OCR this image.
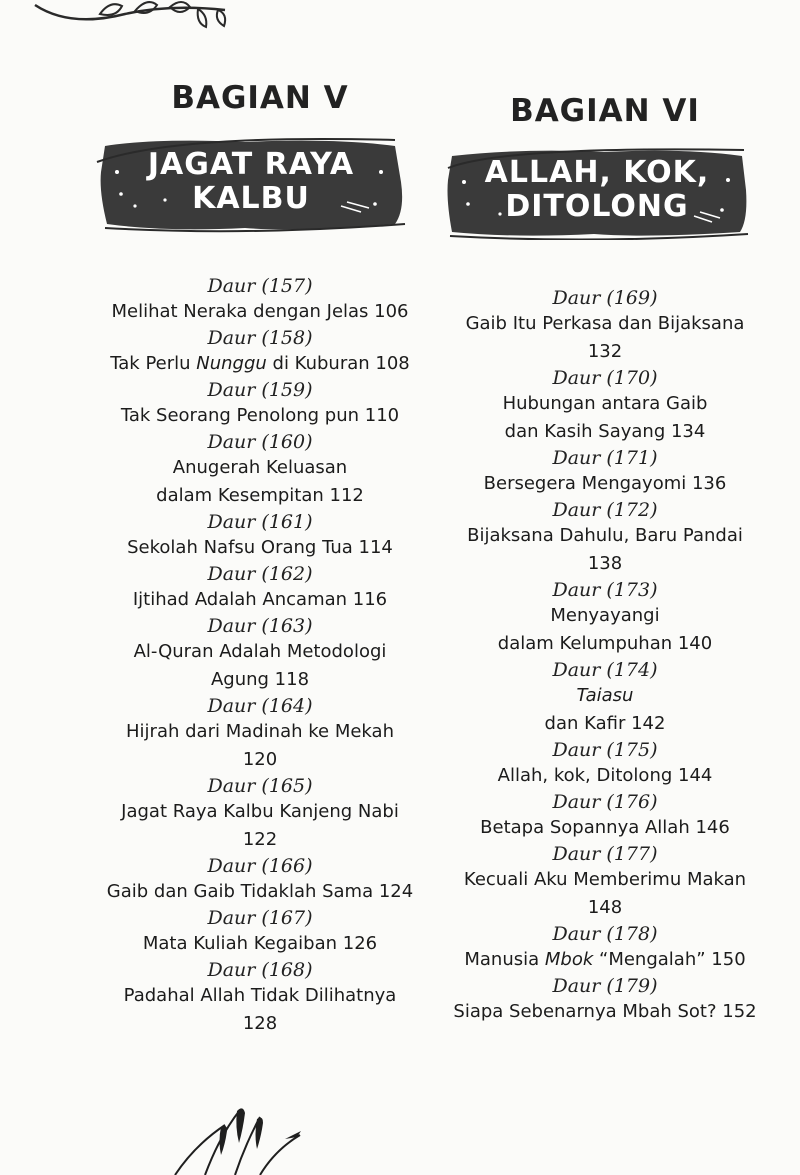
BAGIAN V
JAGAT RAYA
KALBU
Daur (157)
Melihat Neraka dengan Jelas 106
Daur (158)
Tak Perlu Nunggu di Kuburan 108
Daur (159)
Tak Seorang Penolong pun 110
Daur (160)
Anugerah Keluasan
dalam Kesempitan 112
Daur (161)
Sekolah Nafsu Orang Tua 114
Daur (162)
Ijtihad Adalah Ancaman 116
Daur (163)
Al-Quran Adalah Metodologi
Agung 118
Daur (164)
Hijrah dari Madinah ke Mekah
120
Daur (165)
Jagat Raya Kalbu Kanjeng Nabi
122
Daur (166)
Gaib dan Gaib Tidaklah Sama 124
Daur (167)
Mata Kuliah Kegaiban 126
Daur (168)
Padahal Allah Tidak Dilihatnya
128
BAGIAN VI
ALLAH, KOK,
DITOLONG
Daur (169)
Gaib Itu Perkasa dan Bijaksana
132
Daur (170)
Hubungan antara Gaib
dan Kasih Sayang 134
Daur (171)
Bersegera Mengayomi 136
Daur (172)
Bijaksana Dahulu, Baru Pandai
138
Daur (173)
Menyayangi
dalam Kelumpuhan 140
Daur (174)
Taiasu
dan Kafir 142
Daur (175)
Allah, kok, Ditolong 144
Daur (176)
Betapa Sopannya Allah 146
Daur (177)
Kecuali Aku Memberimu Makan
148
Daur (178)
Manusia Mbok “Mengalah” 150
Daur (179)
Siapa Sebenarnya Mbah Sot? 152
